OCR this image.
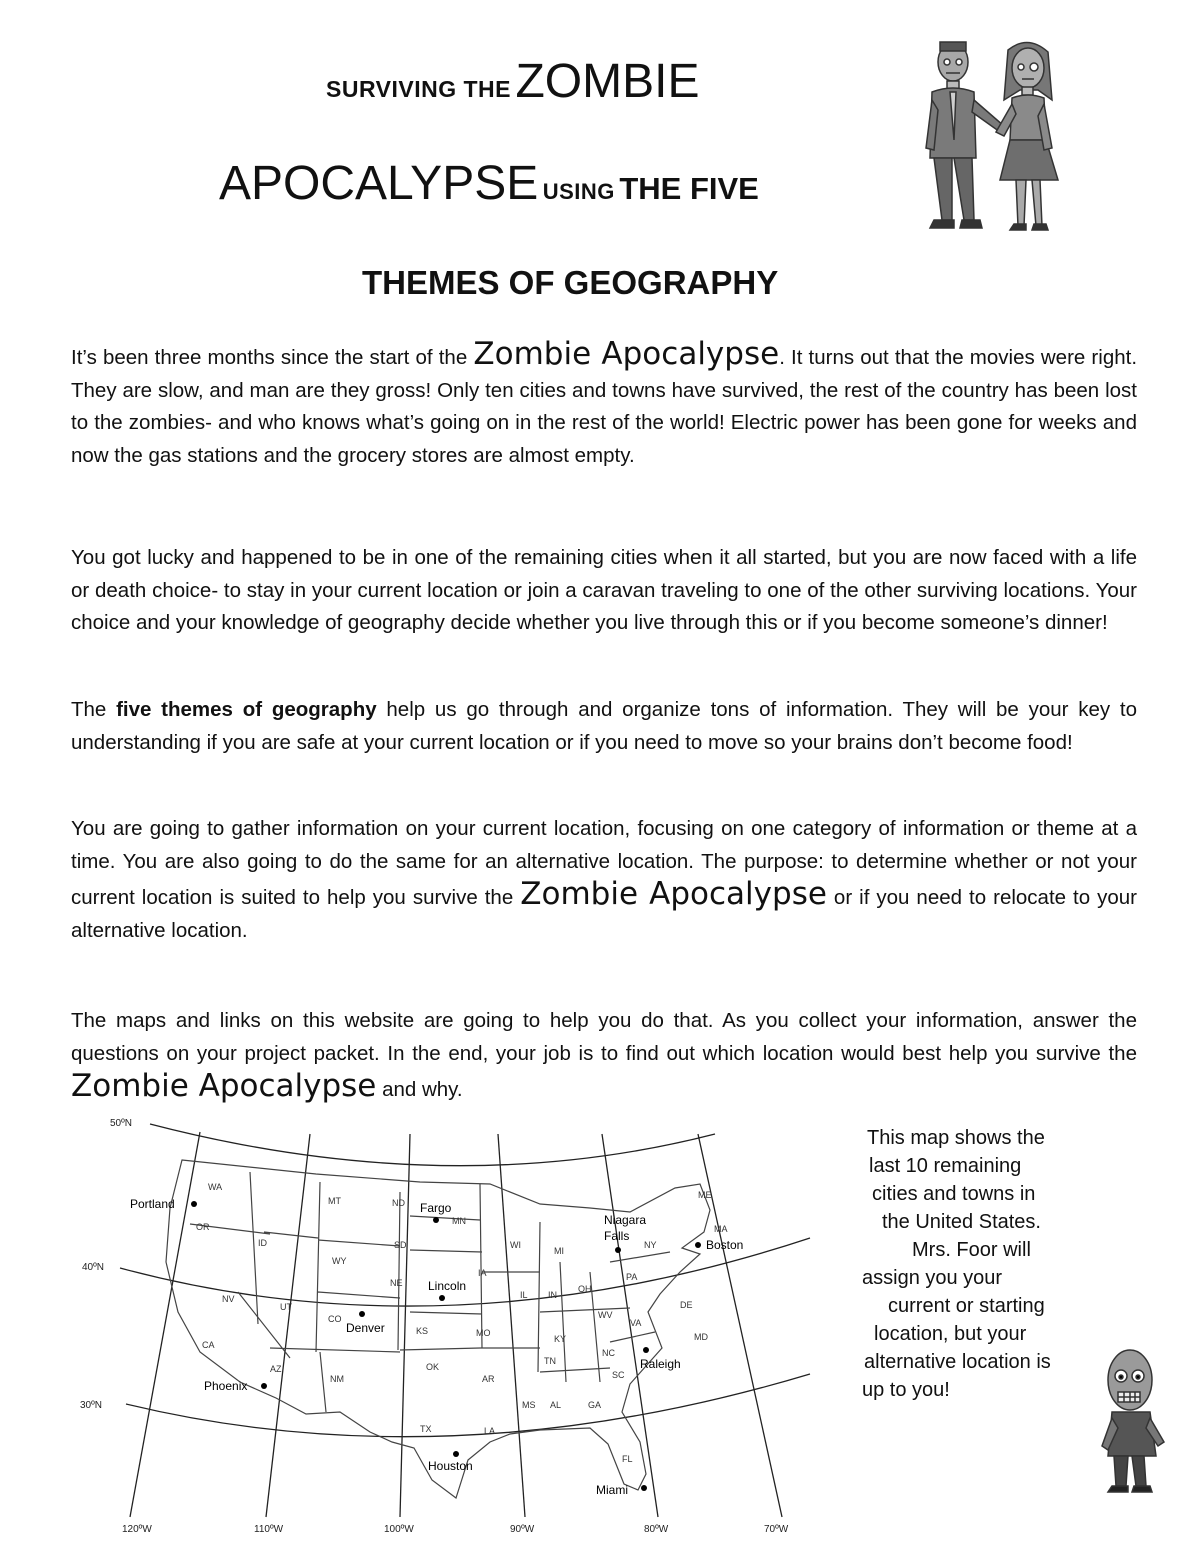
SURVIVING THE ZOMBIE
APOCALYPSE USING THE FIVE
THEMES OF GEOGRAPHY

It’s been three months since the start of the Zombie Apocalypse. It turns out that the movies were right. They are slow, and man are they gross! Only ten cities and towns have survived, the rest of the country has been lost to the zombies- and who knows what’s going on in the rest of the world! Electric power has been gone for weeks and now the gas stations and the grocery stores are almost empty.

You got lucky and happened to be in one of the remaining cities when it all started, but you are now faced with a life or death choice- to stay in your current location or join a caravan traveling to one of the other surviving locations. Your choice and your knowledge of geography decide whether you live through this or if you become someone’s dinner!

The five themes of geography help us go through and organize tons of information. They will be your key to understanding if you are safe at your current location or if you need to move so your brains don’t become food!

You are going to gather information on your current location, focusing on one category of information or theme at a time. You are also going to do the same for an alternative location. The purpose: to determine whether or not your current location is suited to help you survive the Zombie Apocalypse or if you need to relocate to your alternative location.

The maps and links on this website are going to help you do that. As you collect your information, answer the questions on your project packet. In the end, your job is to find out which location would best help you survive the Zombie Apocalypse and why.

This map shows the
last 10 remaining
cities and towns in
the United States.
Mrs. Foor will
assign you your
current or starting
location, but your
alternative location is
up to you!
WA
OR
ID
MT
WY
ND
SD
NE
MN
IA
WI
MI
NY
ME
MA
PA
OH
IN
IL
NV
UT
CO
KS	MO
KY
WV
VA
DE
MD
CA
AZ
NM
OK
AR
TN
NC
SC
GA
AL
MS
TX	LA
FL
50ºN
40ºN
30ºN
120ºW	110ºW	100ºW	90ºW	80ºW	70ºW
Portland	Fargo
Niagara
Falls
Boston
Lincoln
Denver
Raleigh
Phoenix
Houston
Miami
